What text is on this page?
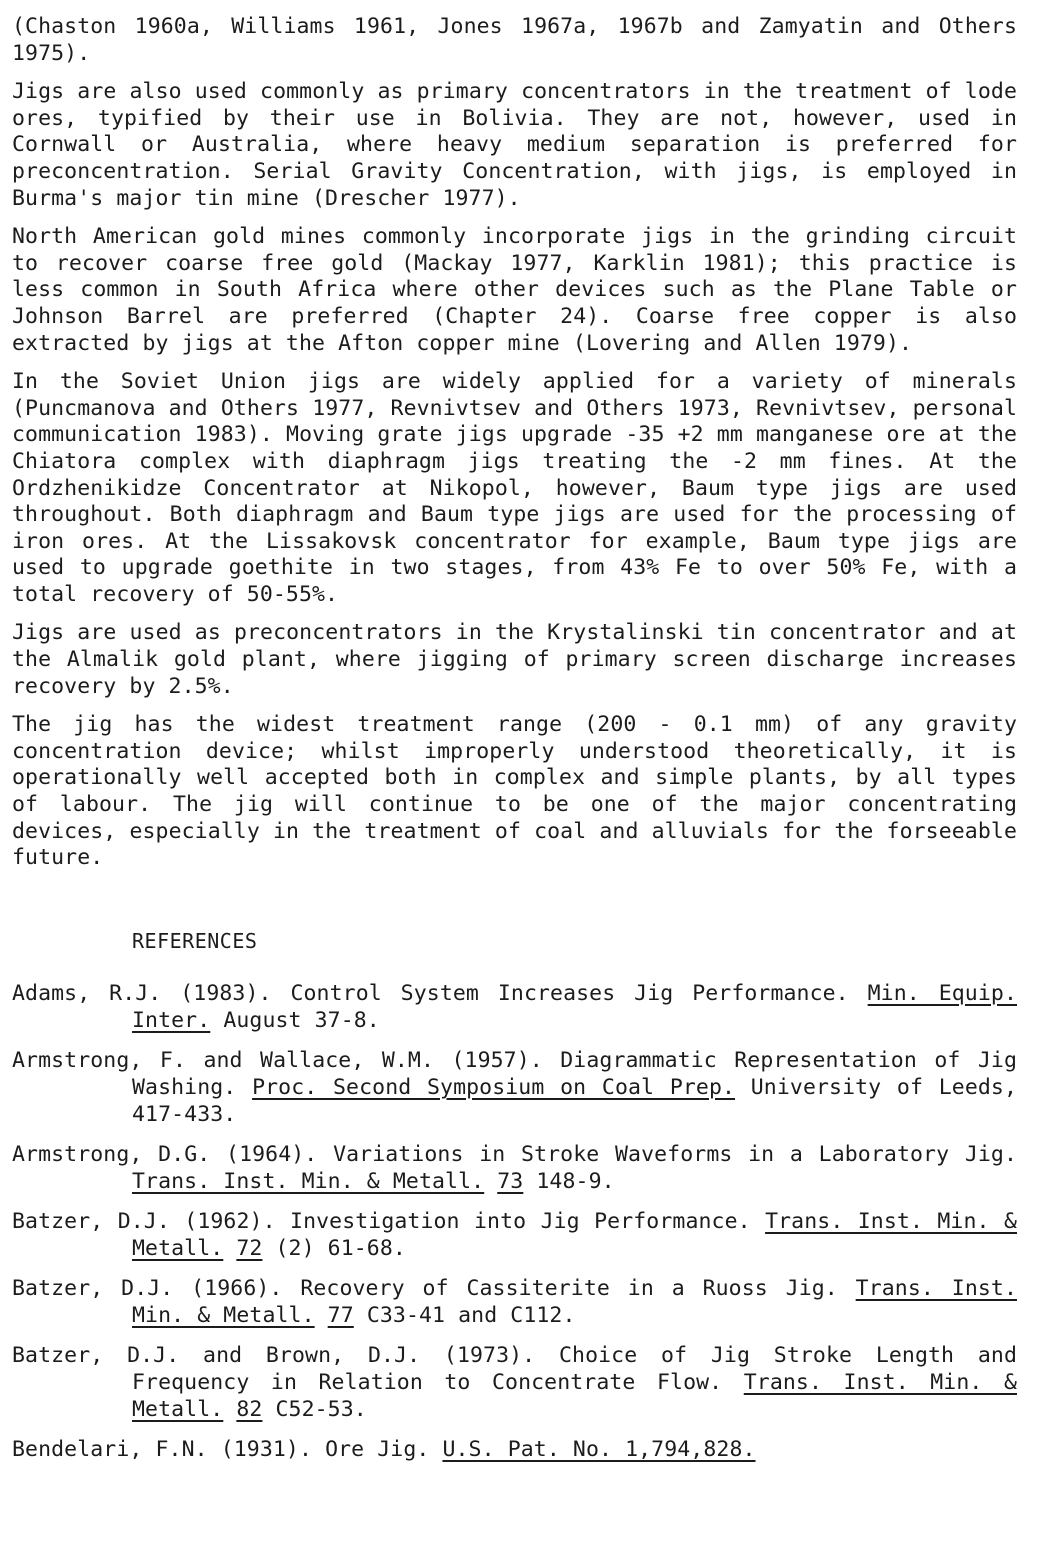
(Chaston 1960a, Williams 1961, Jones 1967a, 1967b and Zamyatin and Others 1975).

Jigs are also used commonly as primary concentrators in the treatment of lode ores, typified by their use in Bolivia. They are not, however, used in Cornwall or Australia, where heavy medium separation is preferred for preconcentration. Serial Gravity Concentration, with jigs, is employed in Burma's major tin mine (Drescher 1977).

North American gold mines commonly incorporate jigs in the grinding circuit to recover coarse free gold (Mackay 1977, Karklin 1981); this practice is less common in South Africa where other devices such as the Plane Table or Johnson Barrel are preferred (Chapter 24). Coarse free copper is also extracted by jigs at the Afton copper mine (Lovering and Allen 1979).

In the Soviet Union jigs are widely applied for a variety of minerals (Puncmanova and Others 1977, Revnivtsev and Others 1973, Revnivtsev, personal communication 1983). Moving grate jigs upgrade -35 +2 mm manganese ore at the Chiatora complex with diaphragm jigs treating the -2 mm fines. At the Ordzhenikidze Concentrator at Nikopol, however, Baum type jigs are used throughout. Both diaphragm and Baum type jigs are used for the processing of iron ores. At the Lissakovsk concentrator for example, Baum type jigs are used to upgrade goethite in two stages, from 43% Fe to over 50% Fe, with a total recovery of 50-55%.

Jigs are used as preconcentrators in the Krystalinski tin concentrator and at the Almalik gold plant, where jigging of primary screen discharge increases recovery by 2.5%.

The jig has the widest treatment range (200 - 0.1 mm) of any gravity concentration device; whilst improperly understood theoretically, it is operationally well accepted both in complex and simple plants, by all types of labour. The jig will continue to be one of the major concentrating devices, especially in the treatment of coal and alluvials for the forseeable future.

REFERENCES
Adams, R.J. (1983). Control System Increases Jig Performance. Min. Equip. Inter. August 37-8.
Armstrong, F. and Wallace, W.M. (1957). Diagrammatic Representation of Jig Washing. Proc. Second Symposium on Coal Prep. University of Leeds, 417-433.
Armstrong, D.G. (1964). Variations in Stroke Waveforms in a Laboratory Jig. Trans. Inst. Min. & Metall. 73 148-9.
Batzer, D.J. (1962). Investigation into Jig Performance. Trans. Inst. Min. & Metall. 72 (2) 61-68.
Batzer, D.J. (1966). Recovery of Cassiterite in a Ruoss Jig. Trans. Inst. Min. & Metall. 77 C33-41 and C112.
Batzer, D.J. and Brown, D.J. (1973). Choice of Jig Stroke Length and Frequency in Relation to Concentrate Flow. Trans. Inst. Min. & Metall. 82 C52-53.
Bendelari, F.N. (1931). Ore Jig. U.S. Pat. No. 1,794,828.
